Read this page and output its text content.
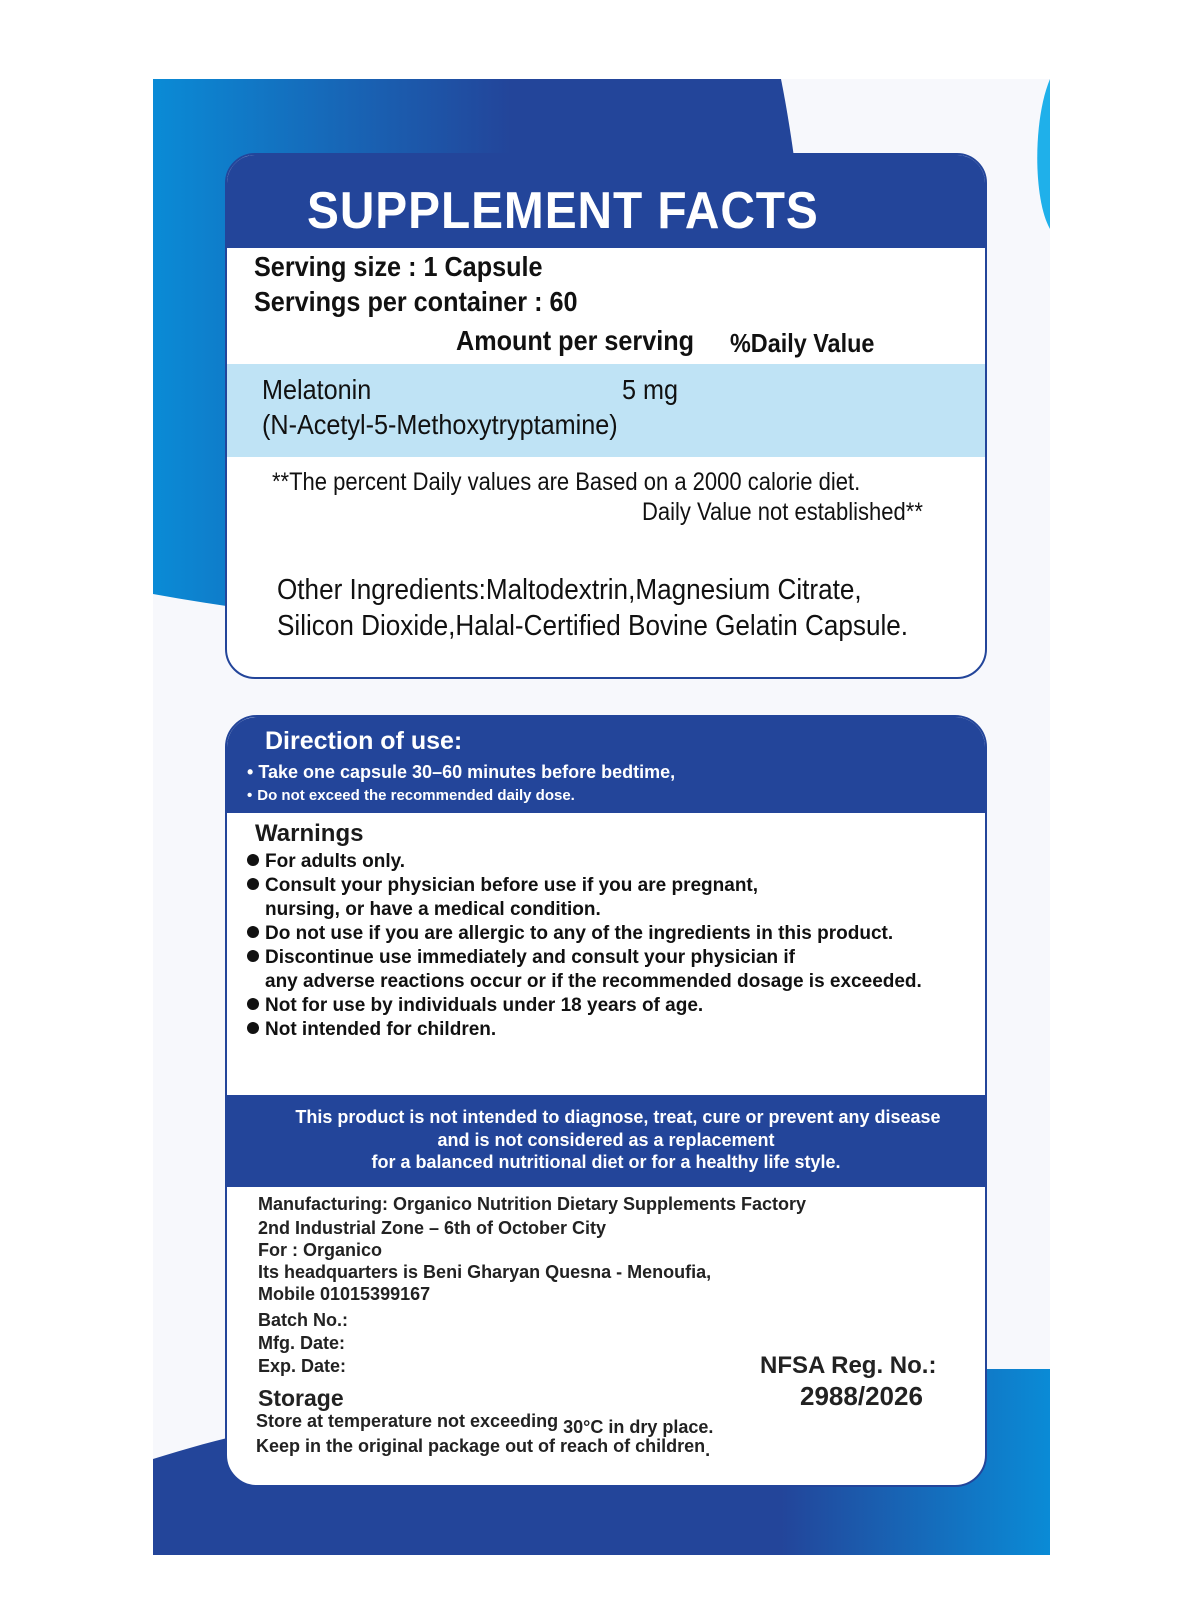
SUPPLEMENT FACTS
Serving size : 1 Capsule
Servings per container : 60
Amount per serving %Daily Value
Melatonin	5 mg
(N-Acetyl-5-Methoxytryptamine)
**The percent Daily values are Based on a 2000 calorie diet.
Daily Value not established**
Other Ingredients:Maltodextrin,Magnesium Citrate,
Silicon Dioxide,Halal-Certified Bovine Gelatin Capsule.
Direction of use:
• Take one capsule 30–60 minutes before bedtime,
• Do not exceed the recommended daily dose.
Warnings
For adults only.
Consult your physician before use if you are pregnant,
nursing, or have a medical condition.
Do not use if you are allergic to any of the ingredients in this product.
Discontinue use immediately and consult your physician if
any adverse reactions occur or if the recommended dosage is exceeded.
Not for use by individuals under 18 years of age.
Not intended for children.
This product is not intended to diagnose, treat, cure or prevent any disease
and is not considered as a replacement
for a balanced nutritional diet or for a healthy life style.
Manufacturing: Organico Nutrition Dietary Supplements Factory
2nd Industrial Zone – 6th of October City
For : Organico
Its headquarters is Beni Gharyan Quesna - Menoufia,
Mobile 01015399167
Batch No.:
Mfg. Date:
Exp. Date:	NFSA Reg. No.:
2988/2026
Storage
Store at temperature not exceeding 30°C in dry place.
Keep in the original package out of reach of children.
